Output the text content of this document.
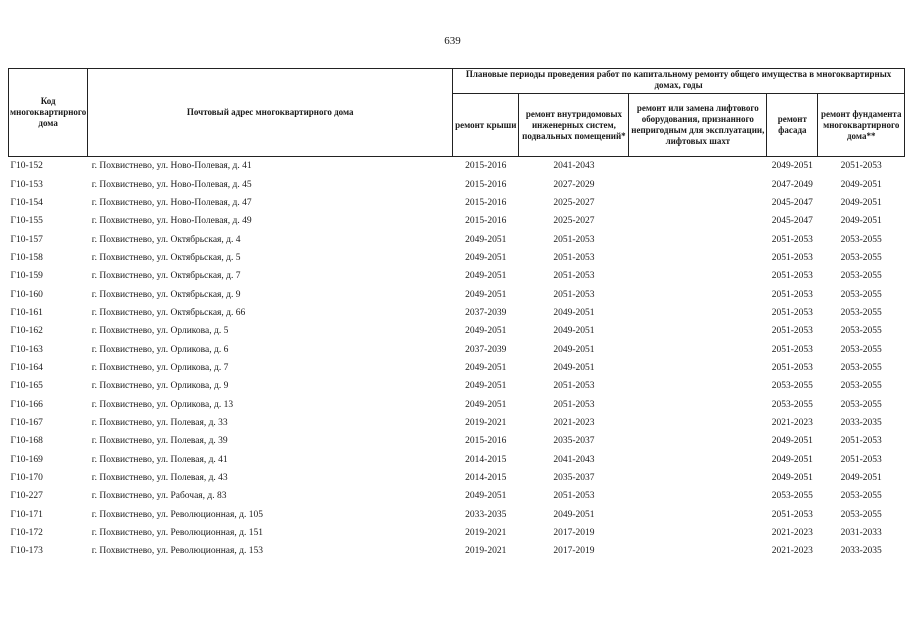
639
Код многоквартирного дома	Почтовый адрес многоквартирного дома	Плановые периоды проведения работ по капитальному ремонту общего имущества в многоквартирных домах, годы				
		ремонт крыши	ремонт внутридомовых инженерных систем, подвальных помещений*	ремонт или замена лифтового оборудования, признанного непригодным для эксплуатации, лифтовых шахт	ремонт фасада	ремонт фундамента многоквартирного дома**
Г10-152	г. Похвистнево, ул. Ново-Полевая, д. 41	2015-2016	2041-2043		2049-2051	2051-2053
Г10-153	г. Похвистнево, ул. Ново-Полевая, д. 45	2015-2016	2027-2029		2047-2049	2049-2051
Г10-154	г. Похвистнево, ул. Ново-Полевая, д. 47	2015-2016	2025-2027		2045-2047	2049-2051
Г10-155	г. Похвистнево, ул. Ново-Полевая, д. 49	2015-2016	2025-2027		2045-2047	2049-2051
Г10-157	г. Похвистнево, ул. Октябрьская, д. 4	2049-2051	2051-2053		2051-2053	2053-2055
Г10-158	г. Похвистнево, ул. Октябрьская, д. 5	2049-2051	2051-2053		2051-2053	2053-2055
Г10-159	г. Похвистнево, ул. Октябрьская, д. 7	2049-2051	2051-2053		2051-2053	2053-2055
Г10-160	г. Похвистнево, ул. Октябрьская, д. 9	2049-2051	2051-2053		2051-2053	2053-2055
Г10-161	г. Похвистнево, ул. Октябрьская, д. 66	2037-2039	2049-2051		2051-2053	2053-2055
Г10-162	г. Похвистнево, ул. Орликова, д. 5	2049-2051	2049-2051		2051-2053	2053-2055
Г10-163	г. Похвистнево, ул. Орликова, д. 6	2037-2039	2049-2051		2051-2053	2053-2055
Г10-164	г. Похвистнево, ул. Орликова, д. 7	2049-2051	2049-2051		2051-2053	2053-2055
Г10-165	г. Похвистнево, ул. Орликова, д. 9	2049-2051	2051-2053		2053-2055	2053-2055
Г10-166	г. Похвистнево, ул. Орликова, д. 13	2049-2051	2051-2053		2053-2055	2053-2055
Г10-167	г. Похвистнево, ул. Полевая, д. 33	2019-2021	2021-2023		2021-2023	2033-2035
Г10-168	г. Похвистнево, ул. Полевая, д. 39	2015-2016	2035-2037		2049-2051	2051-2053
Г10-169	г. Похвистнево, ул. Полевая, д. 41	2014-2015	2041-2043		2049-2051	2051-2053
Г10-170	г. Похвистнево, ул. Полевая, д. 43	2014-2015	2035-2037		2049-2051	2049-2051
Г10-227	г. Похвистнево, ул. Рабочая, д. 83	2049-2051	2051-2053		2053-2055	2053-2055
Г10-171	г. Похвистнево, ул. Революционная, д. 105	2033-2035	2049-2051		2051-2053	2053-2055
Г10-172	г. Похвистнево, ул. Революционная, д. 151	2019-2021	2017-2019		2021-2023	2031-2033
Г10-173	г. Похвистнево, ул. Революционная, д. 153	2019-2021	2017-2019		2021-2023	2033-2035
